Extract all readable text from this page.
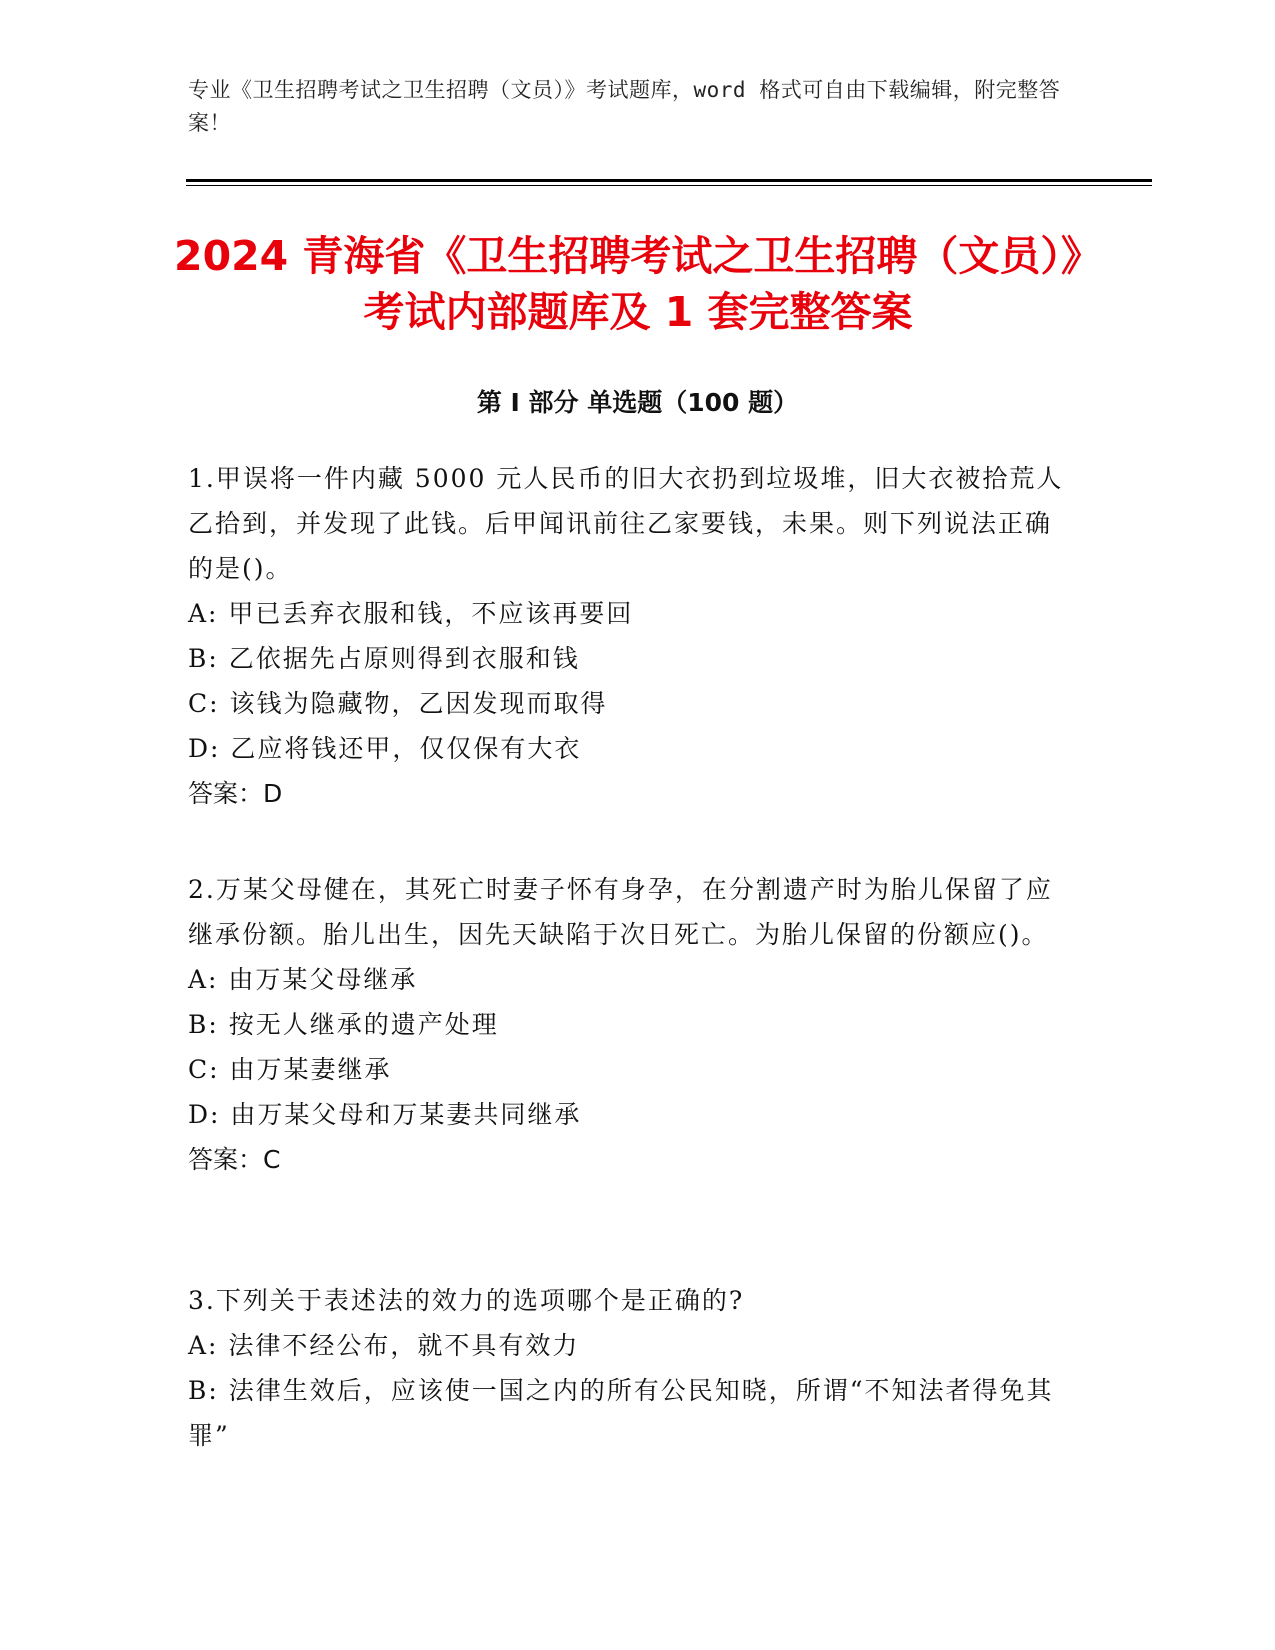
专业《卫生招聘考试之卫生招聘（文员）》考试题库，word 格式可自由下载编辑，附完整答案！
2024 青海省《卫生招聘考试之卫生招聘（文员）》考试内部题库及 1 套完整答案
第 I 部分 单选题（100 题）

1.甲误将一件内藏 5000 元人民币的旧大衣扔到垃圾堆，旧大衣被拾荒人乙拾到，并发现了此钱。后甲闻讯前往乙家要钱，未果。则下列说法正确的是()。

A: 甲已丢弃衣服和钱，不应该再要回

B: 乙依据先占原则得到衣服和钱

C: 该钱为隐藏物，乙因发现而取得

D: 乙应将钱还甲，仅仅保有大衣

答案：D

2.万某父母健在，其死亡时妻子怀有身孕，在分割遗产时为胎儿保留了应继承份额。胎儿出生，因先天缺陷于次日死亡。为胎儿保留的份额应()。

A: 由万某父母继承

B: 按无人继承的遗产处理

C: 由万某妻继承

D: 由万某父母和万某妻共同继承

答案：C

3.下列关于表述法的效力的选项哪个是正确的?

A: 法律不经公布，就不具有效力

B: 法律生效后，应该使一国之内的所有公民知晓，所谓“不知法者得免其罪”
